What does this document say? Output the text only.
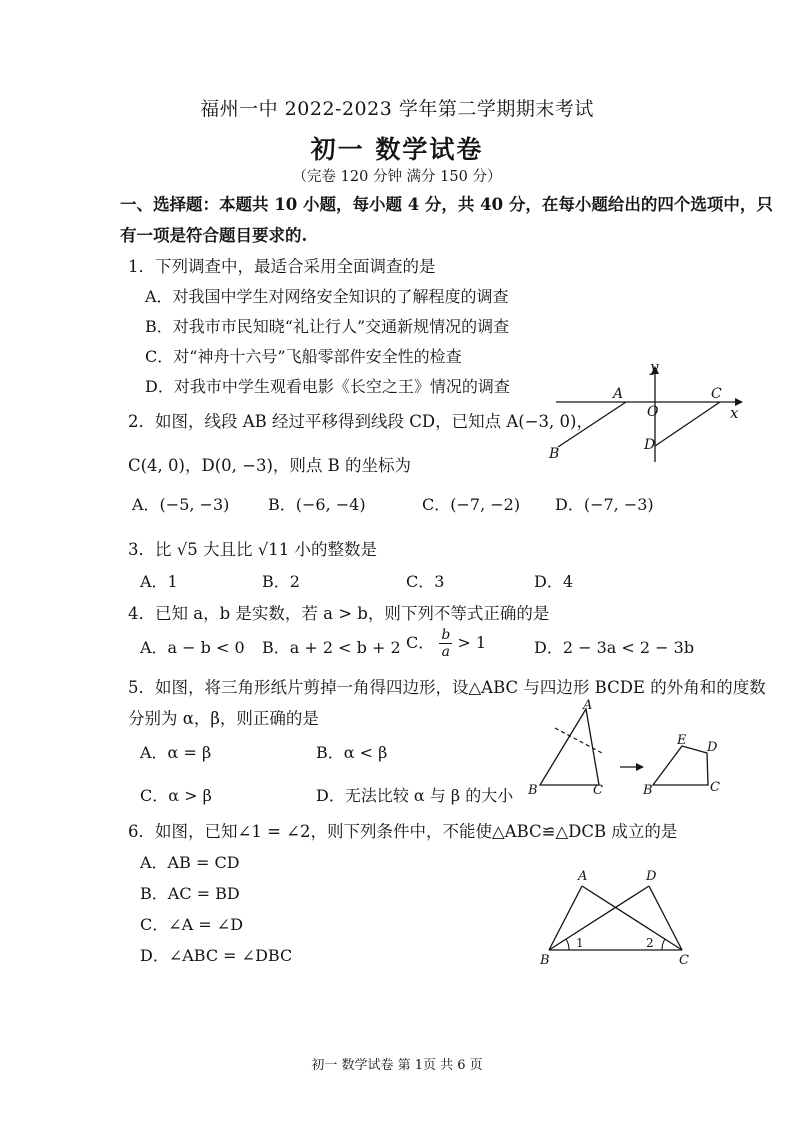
福州一中 2022-2023 学年第二学期期末考试
初一 数学试卷
（完卷 120 分钟 满分 150 分）
一、选择题：本题共 10 小题，每小题 4 分，共 40 分，在每小题给出的四个选项中，只
有一项是符合题目要求的.
1．下列调查中，最适合采用全面调查的是
A．对我国中学生对网络安全知识的了解程度的调查
B．对我市市民知晓“礼让行人”交通新规情况的调查
C．对“神舟十六号”飞船零部件安全性的检查
D．对我市中学生观看电影《长空之王》情况的调查
2．如图，线段 AB 经过平移得到线段 CD，已知点 A(−3, 0)，
C(4, 0)，D(0, −3)，则点 B 的坐标为
A．(−5, −3) B．(−6, −4)	C．(−7, −2) D．(−7, −3)
y
x
O
A	C
D
B
3．比 √5 大且比 √11 小的整数是
A．1	B．2	C．3	D．4
4．已知 a，b 是实数，若 a > b，则下列不等式正确的是
A．a − b < 0 B．a + 2 < b + 2 C． $\frac{b}{a} > 1$	D．2 − 3a < 2 − 3b
5．如图，将三角形纸片剪掉一角得四边形，设△ABC 与四边形 BCDE 的外角和的度数
分别为 α，β，则正确的是
A．α = β	B．α < β
C．α > β	D．无法比较 α 与 β 的大小
A
B	C
E D
B	C
6．如图，已知∠1 = ∠2，则下列条件中，不能使△ABC≌△DCB 成立的是
A．AB = CD
B．AC = BD
C．∠A = ∠D
D．∠ABC = ∠DBC
A	D
B	C
1	2
初一 数学试卷 第 1页 共 6 页
